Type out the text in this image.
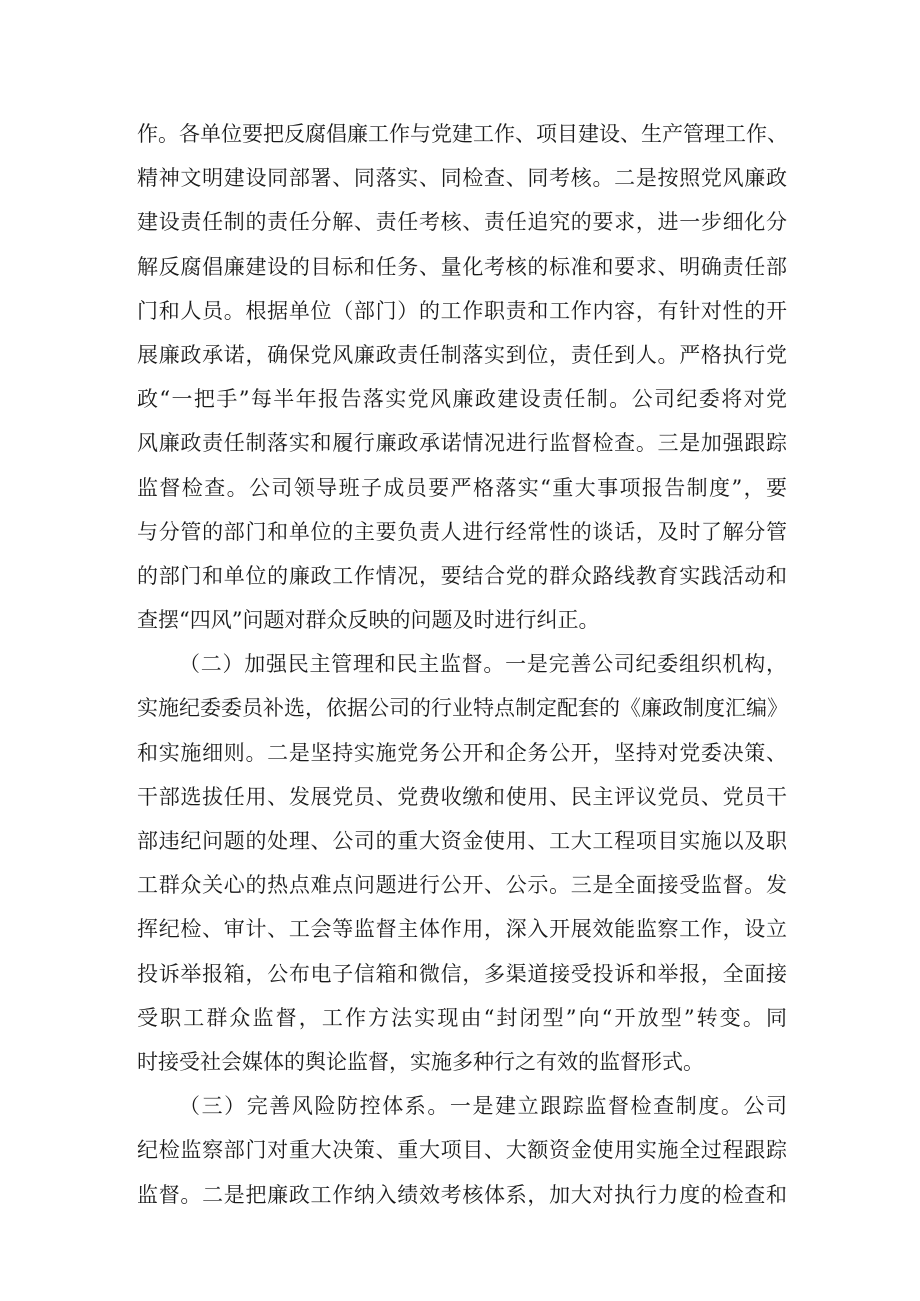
作。各单位要把反腐倡廉工作与党建工作、项目建设、生产管理工作、
精神文明建设同部署、同落实、同检查、同考核。二是按照党风廉政
建设责任制的责任分解、责任考核、责任追究的要求，进一步细化分
解反腐倡廉建设的目标和任务、量化考核的标准和要求、明确责任部
门和人员。根据单位（部门）的工作职责和工作内容，有针对性的开
展廉政承诺，确保党风廉政责任制落实到位，责任到人。严格执行党
政“一把手”每半年报告落实党风廉政建设责任制。公司纪委将对党
风廉政责任制落实和履行廉政承诺情况进行监督检查。三是加强跟踪
监督检查。公司领导班子成员要严格落实“重大事项报告制度”，要
与分管的部门和单位的主要负责人进行经常性的谈话，及时了解分管
的部门和单位的廉政工作情况，要结合党的群众路线教育实践活动和
查摆“四风”问题对群众反映的问题及时进行纠正。
（二）加强民主管理和民主监督。一是完善公司纪委组织机构，
实施纪委委员补选，依据公司的行业特点制定配套的《廉政制度汇编》
和实施细则。二是坚持实施党务公开和企务公开，坚持对党委决策、
干部选拔任用、发展党员、党费收缴和使用、民主评议党员、党员干
部违纪问题的处理、公司的重大资金使用、工大工程项目实施以及职
工群众关心的热点难点问题进行公开、公示。三是全面接受监督。发
挥纪检、审计、工会等监督主体作用，深入开展效能监察工作，设立
投诉举报箱，公布电子信箱和微信，多渠道接受投诉和举报，全面接
受职工群众监督，工作方法实现由“封闭型”向“开放型”转变。同
时接受社会媒体的舆论监督，实施多种行之有效的监督形式。
（三）完善风险防控体系。一是建立跟踪监督检查制度。公司
纪检监察部门对重大决策、重大项目、大额资金使用实施全过程跟踪
监督。二是把廉政工作纳入绩效考核体系，加大对执行力度的检查和
